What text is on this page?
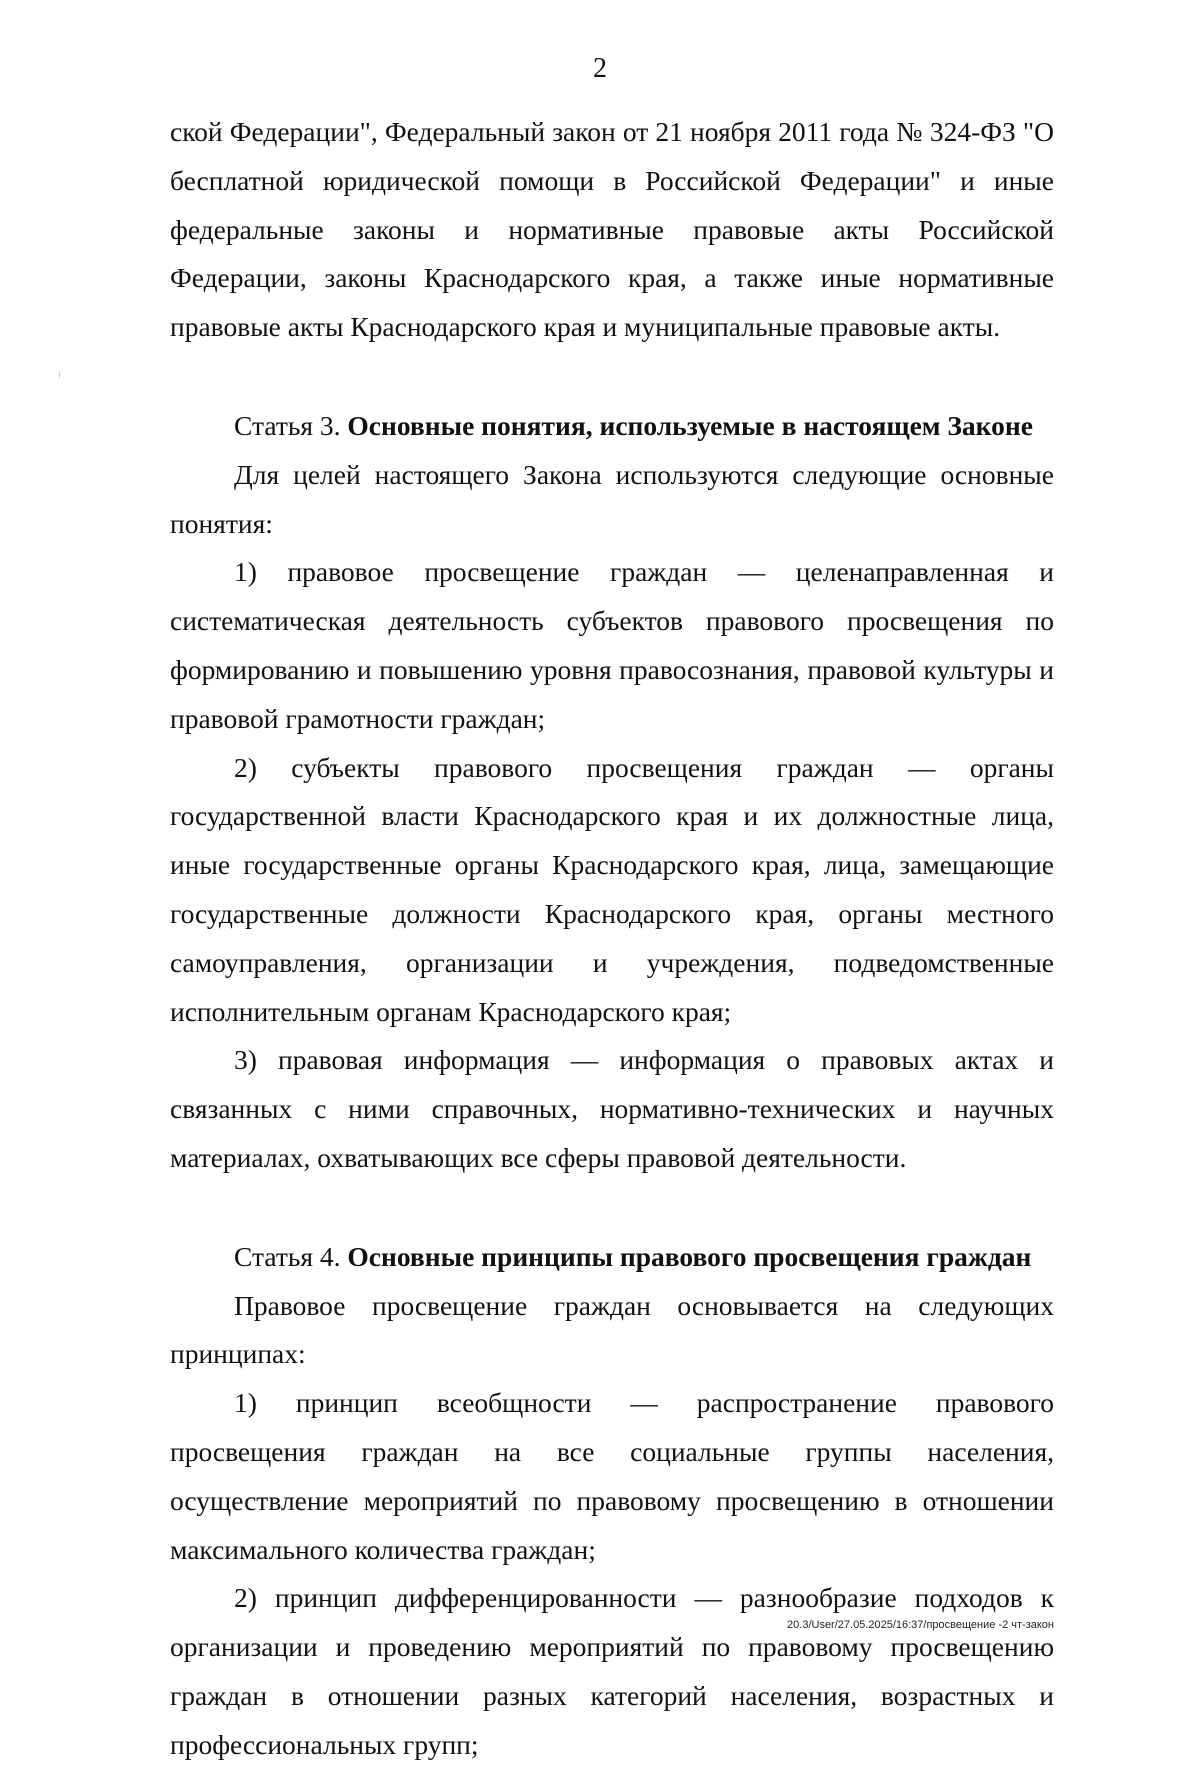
2

ской Федерации", Федеральный закон от 21 ноября 2011 года № 324-ФЗ "О бесплатной юридической помощи в Российской Федерации" и иные федеральные законы и нормативные правовые акты Российской Федерации, законы Краснодарского края, а также иные нормативные правовые акты Краснодарского края и муниципальные правовые акты.

Статья 3. Основные понятия, используемые в настоящем Законе

Для целей настоящего Закона используются следующие основные понятия:

1) правовое просвещение граждан — целенаправленная и систематическая деятельность субъектов правового просвещения по формированию и повышению уровня правосознания, правовой культуры и правовой грамотности граждан;

2) субъекты правового просвещения граждан — органы государственной власти Краснодарского края и их должностные лица, иные государственные органы Краснодарского края, лица, замещающие государственные должности Краснодарского края, органы местного самоуправления, организации и учреждения, подведомственные исполнительным органам Краснодарского края;

3) правовая информация — информация о правовых актах и связанных с ними справочных, нормативно-технических и научных материалах, охватывающих все сферы правовой деятельности.

Статья 4. Основные принципы правового просвещения граждан

Правовое просвещение граждан основывается на следующих принципах:

1) принцип всеобщности — распространение правового просвещения граждан на все социальные группы населения, осуществление мероприятий по правовому просвещению в отношении максимального количества граждан;

2) принцип дифференцированности — разнообразие подходов к организации и проведению мероприятий по правовому просвещению граждан в отношении разных категорий населения, возрастных и профессиональных групп;

20.3/User/27.05.2025/16:37/просвещение -2 чт-закон
